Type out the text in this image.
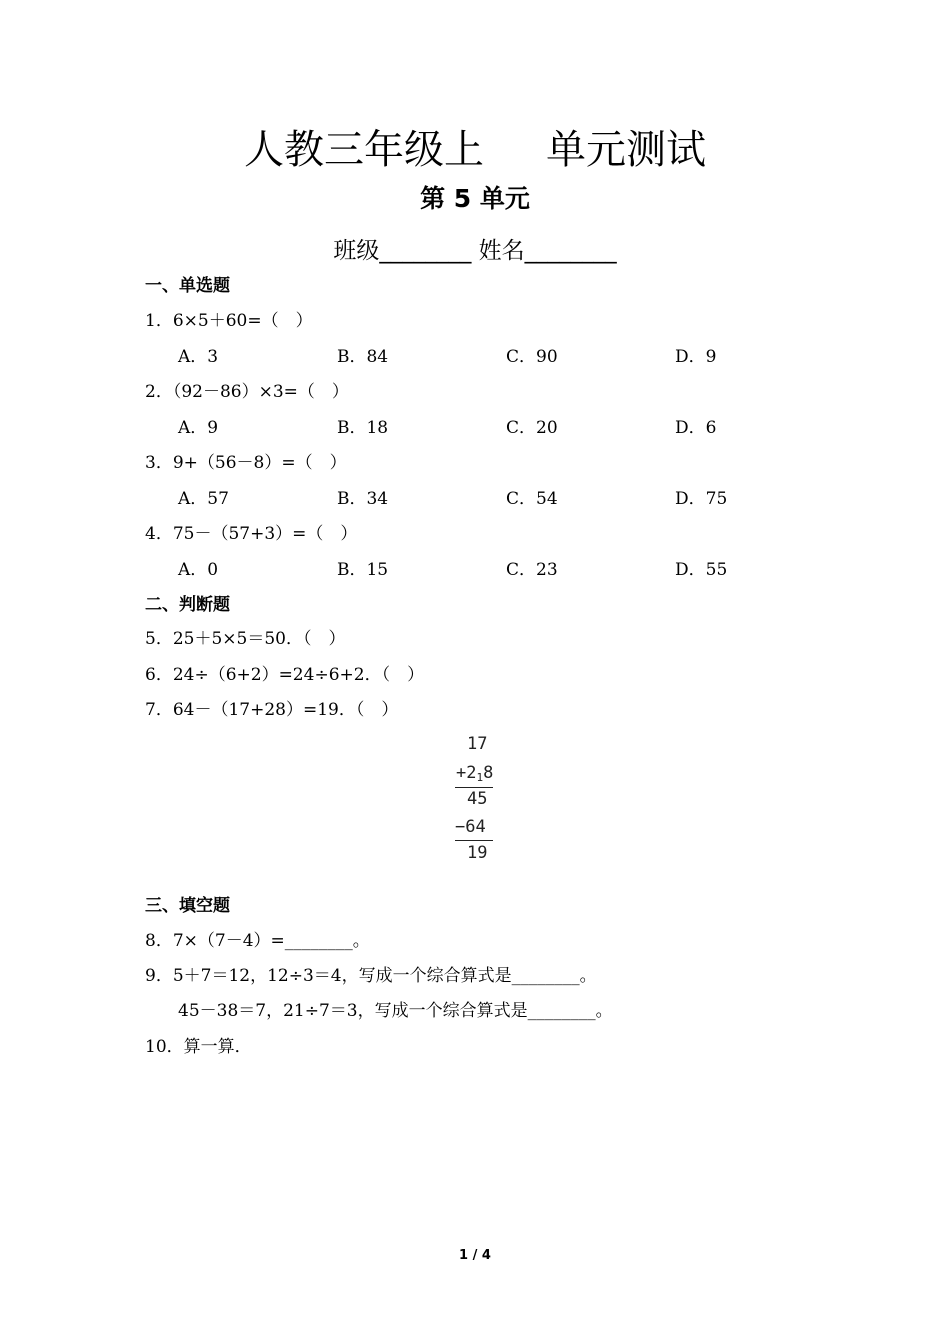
人教三年级上 单元测试
第 5 单元
班级________ 姓名________
一、单选题
1．6×5＋60=（　）
A．3	B．84	C．90	D．9
2．（92－86）×3=（　）
A．9	B．18	C．20	D．6
3．9+（56－8）=（　）
A．57	B．34	C．54	D．75
4．75－（57+3）=（　）
A．0	B．15	C．23	D．55
二、判断题
5．25＋5×5＝50．（　）
6．24÷（6+2）=24÷6+2．（　）
7．64－（17+28）=19．（　）
17
$+2_18$
45
−64
19
三、填空题
8．7×（7－4）=________。
9．5＋7＝12，12÷3＝4，写成一个综合算式是________。
45－38＝7，21÷7＝3，写成一个综合算式是________。
10．算一算．
1 / 4
